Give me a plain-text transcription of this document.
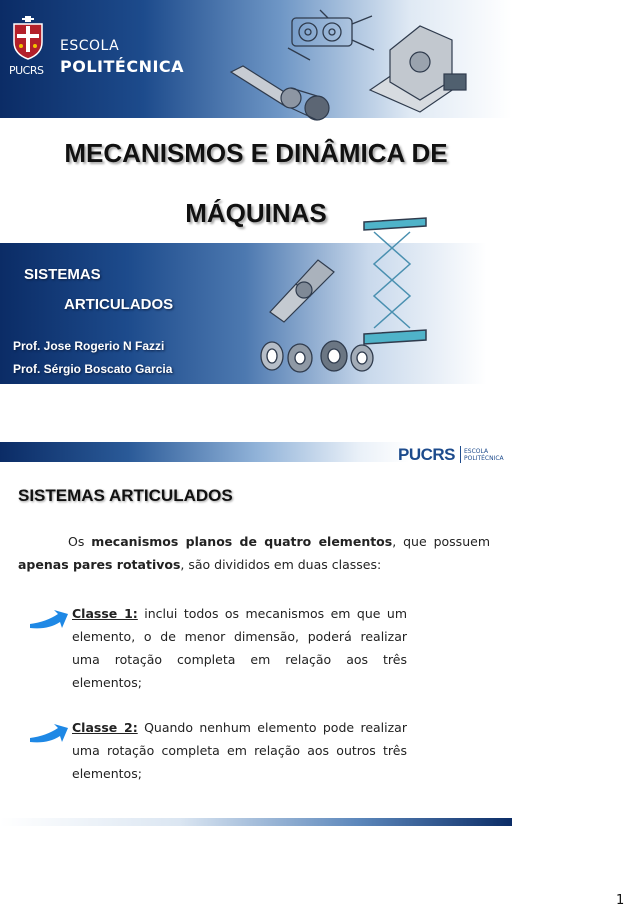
PUCRS
ESCOLA
POLITÉCNICA
MECANISMOS E DINÂMICA DE
MÁQUINAS
SISTEMAS
ARTICULADOS
Prof. Jose Rogerio N Fazzi
Prof. Sérgio Boscato Garcia
PUCRS ESCOLA
POLITÉCNICA
SISTEMAS ARTICULADOS
Os mecanismos planos de quatro elementos, que possuem apenas pares rotativos, são divididos em duas classes:
Classe 1: inclui todos os mecanismos em que um elemento, o de menor dimensão, poderá realizar uma rotação completa em relação aos três elementos;
Classe 2: Quando nenhum elemento pode realizar uma rotação completa em relação aos outros três elementos;
1
